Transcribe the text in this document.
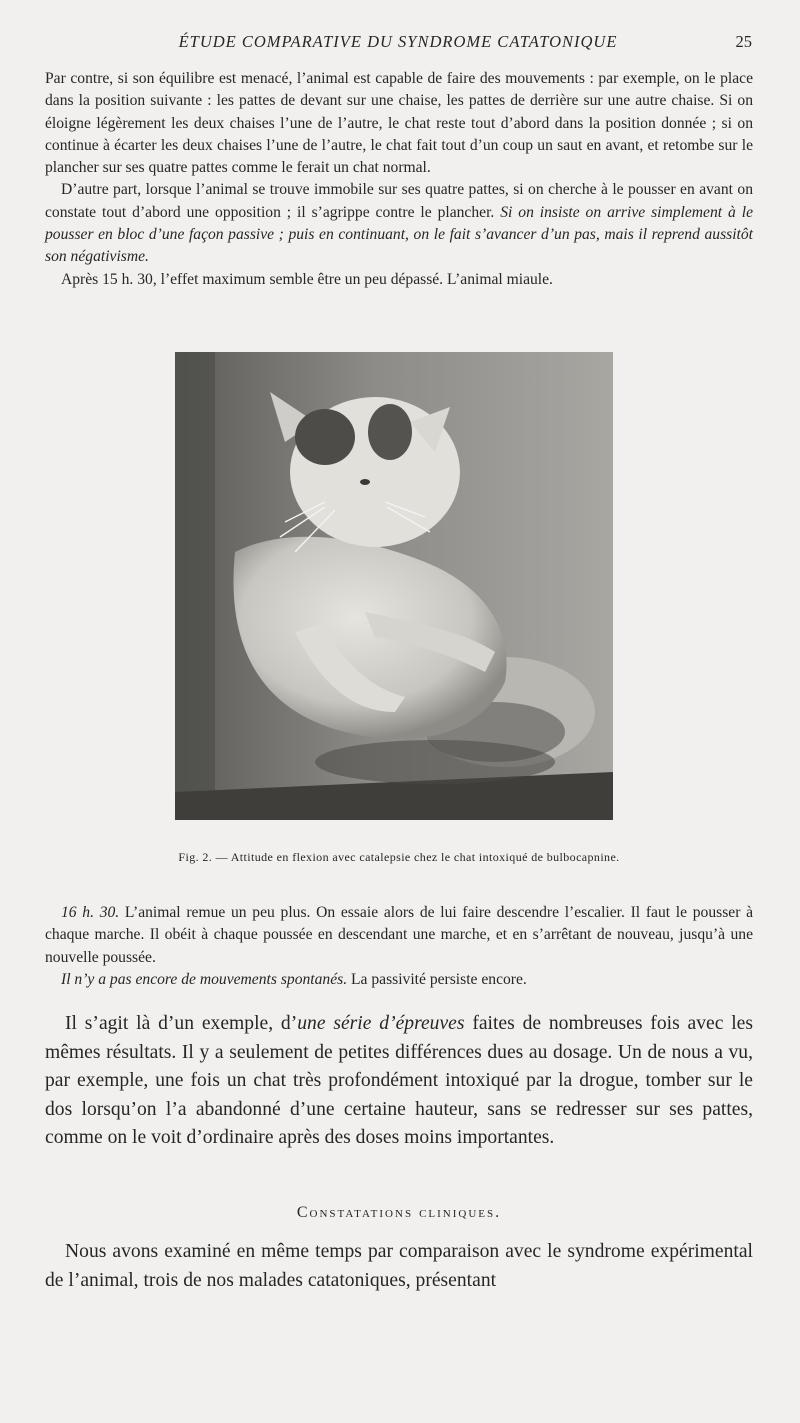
ÉTUDE COMPARATIVE DU SYNDROME CATATONIQUE	25

Par contre, si son équilibre est menacé, l’animal est capable de faire des mouvements : par exemple, on le place dans la position suivante : les pattes de devant sur une chaise, les pattes de derrière sur une autre chaise. Si on éloigne légèrement les deux chaises l’une de l’autre, le chat reste tout d’abord dans la position donnée ; si on continue à écarter les deux chaises l’une de l’autre, le chat fait tout d’un coup un saut en avant, et retombe sur le plancher sur ses quatre pattes comme le ferait un chat normal.

D’autre part, lorsque l’animal se trouve immobile sur ses quatre pattes, si on cherche à le pousser en avant on constate tout d’abord une opposition ; il s’agrippe contre le plancher. Si on insiste on arrive simplement à le pousser en bloc d’une façon passive ; puis en continuant, on le fait s’avancer d’un pas, mais il reprend aussitôt son négativisme.

Après 15 h. 30, l’effet maximum semble être un peu dépassé. L’animal miaule.

Fig. 2. — Attitude en flexion avec catalepsie chez le chat intoxiqué de bulbocapnine.

16 h. 30. L’animal remue un peu plus. On essaie alors de lui faire descendre l’escalier. Il faut le pousser à chaque marche. Il obéit à chaque poussée en descendant une marche, et en s’arrêtant de nouveau, jusqu’à une nouvelle poussée.

Il n’y a pas encore de mouvements spontanés. La passivité persiste encore.

Il s’agit là d’un exemple, d’une série d’épreuves faites de nombreuses fois avec les mêmes résultats. Il y a seulement de petites différences dues au dosage. Un de nous a vu, par exemple, une fois un chat très profondément intoxiqué par la drogue, tomber sur le dos lorsqu’on l’a abandonné d’une certaine hauteur, sans se redresser sur ses pattes, comme on le voit d’ordinaire après des doses moins importantes.

Constatations cliniques.

Nous avons examiné en même temps par comparaison avec le syndrome expérimental de l’animal, trois de nos malades catatoniques, présentant
